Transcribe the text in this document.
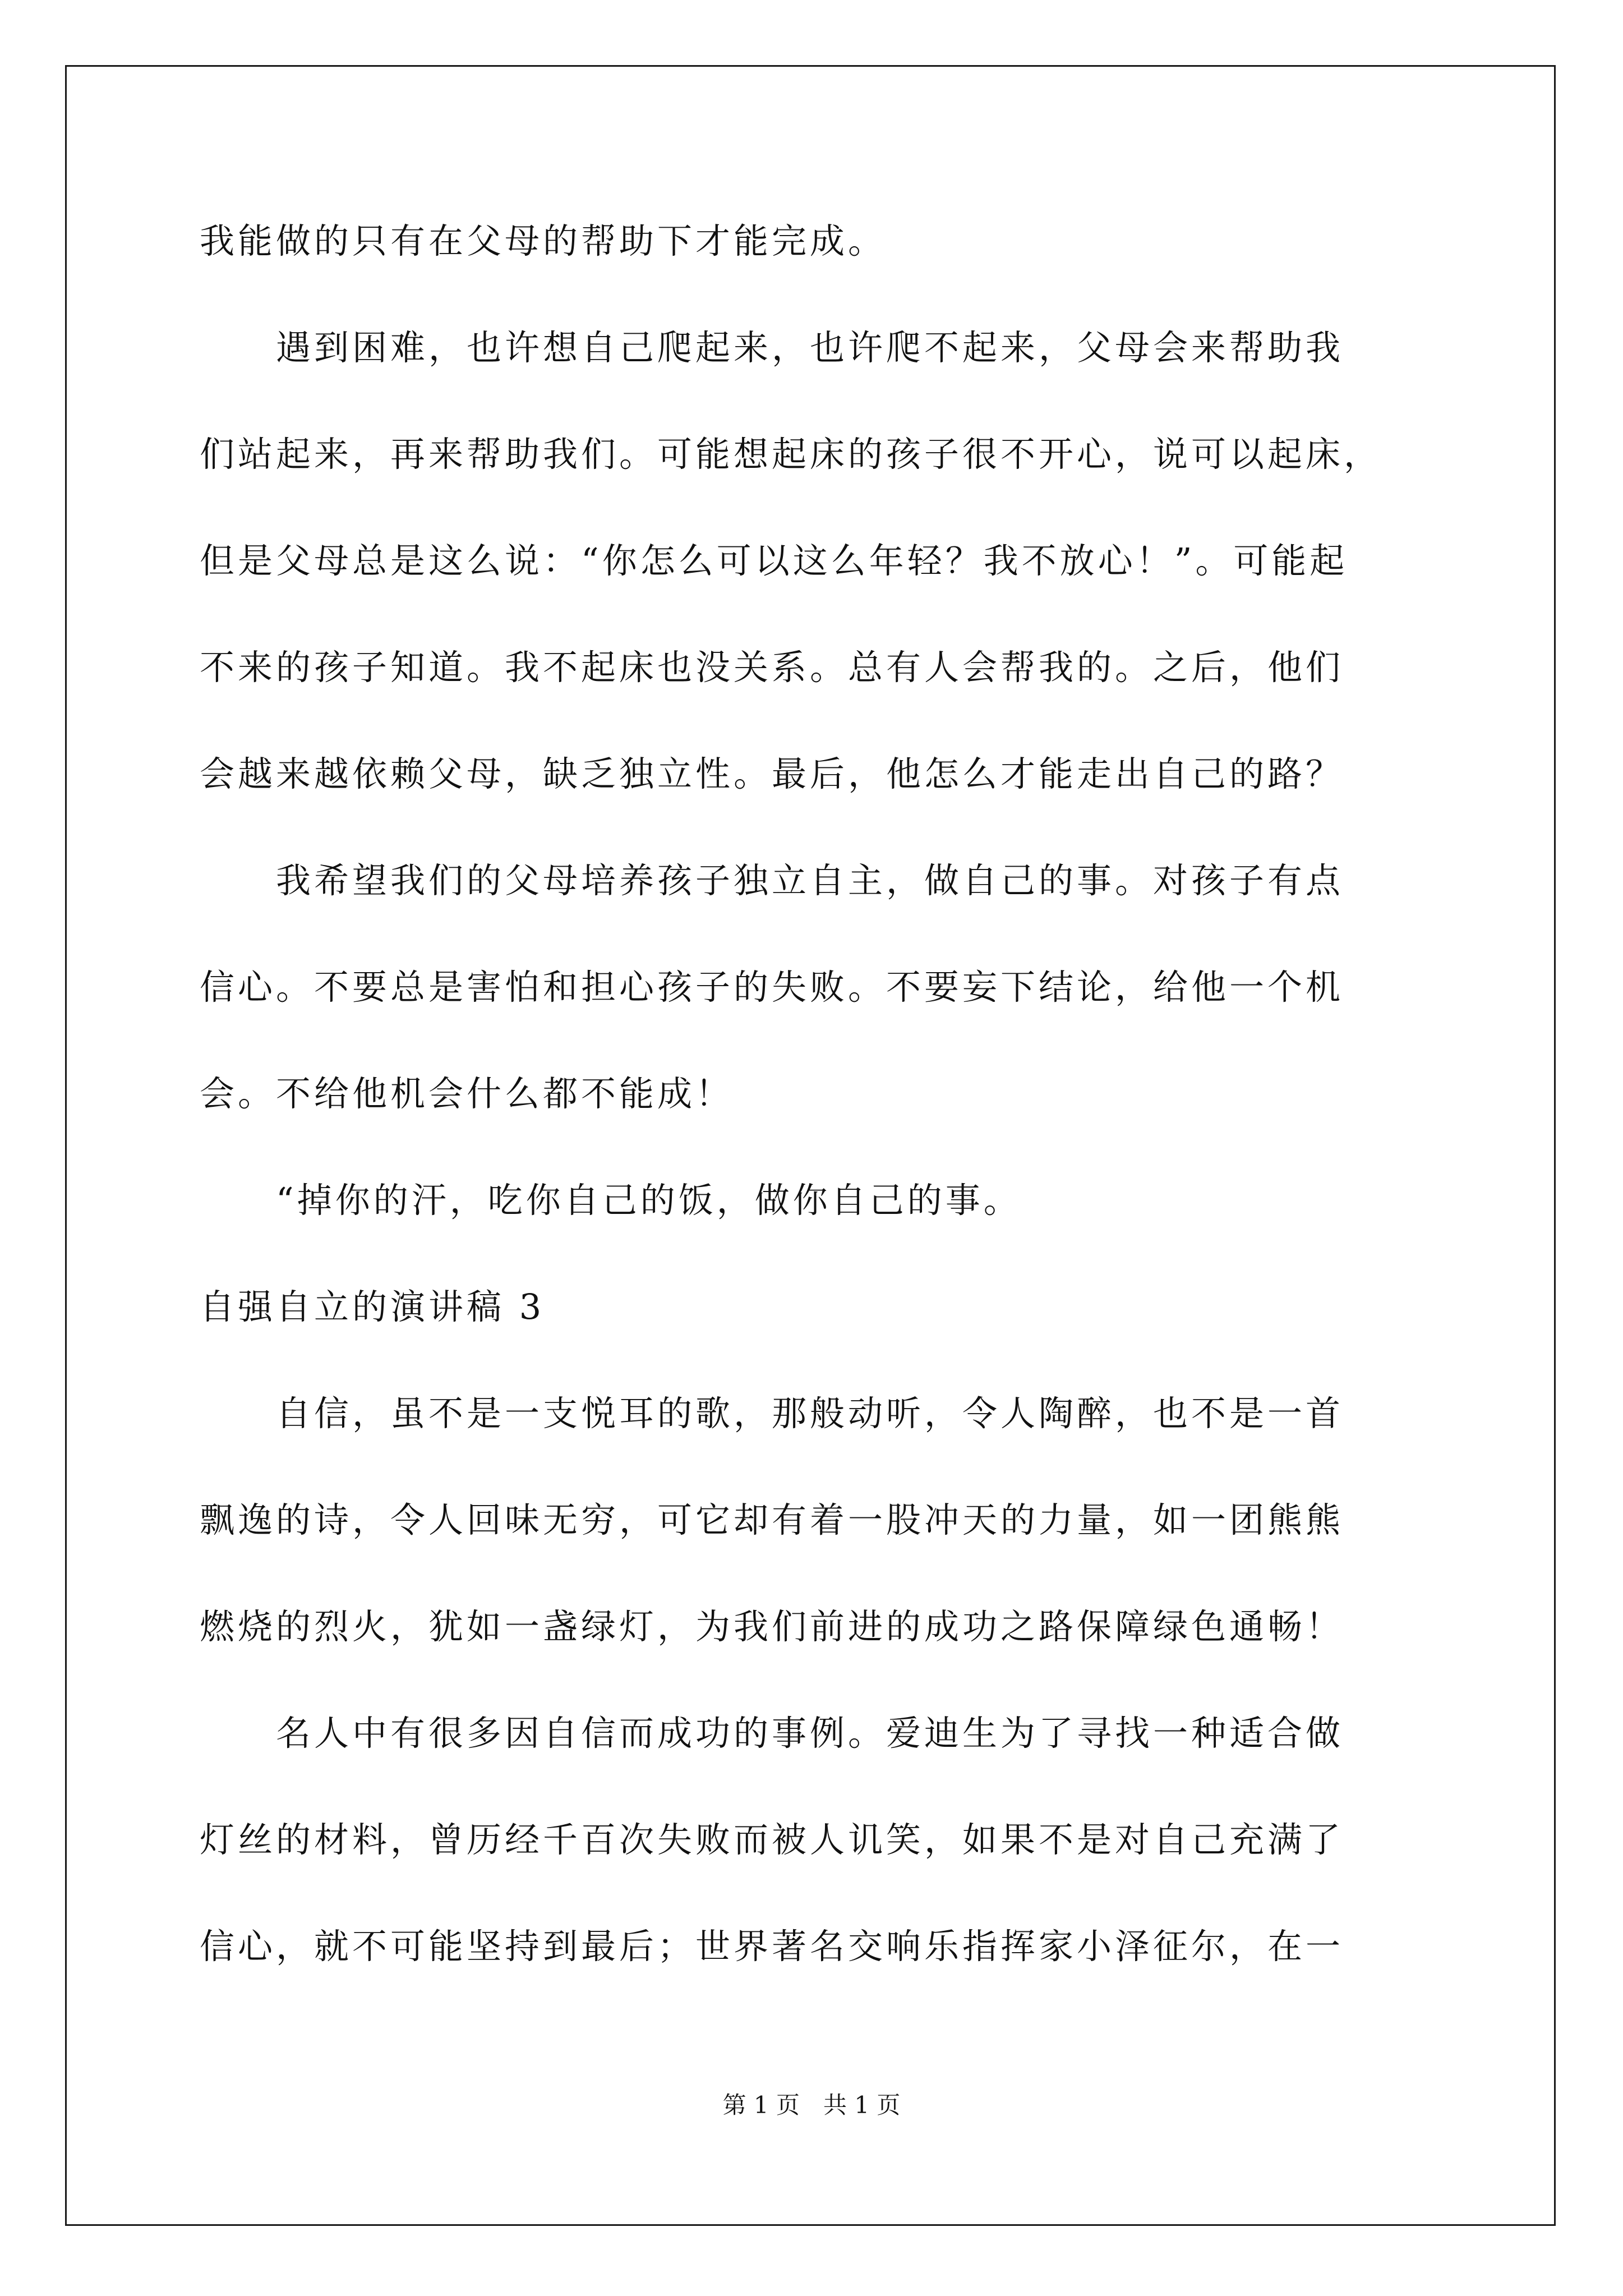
我能做的只有在父母的帮助下才能完成。
　　遇到困难，也许想自己爬起来，也许爬不起来，父母会来帮助我
们站起来，再来帮助我们。可能想起床的孩子很不开心，说可以起床，
但是父母总是这么说：“你怎么可以这么年轻？我不放心！”。可能起
不来的孩子知道。我不起床也没关系。总有人会帮我的。之后，他们
会越来越依赖父母，缺乏独立性。最后，他怎么才能走出自己的路？
　　我希望我们的父母培养孩子独立自主，做自己的事。对孩子有点
信心。不要总是害怕和担心孩子的失败。不要妄下结论，给他一个机
会。不给他机会什么都不能成！
　　“掉你的汗，吃你自己的饭，做你自己的事。
自强自立的演讲稿 3
　　自信，虽不是一支悦耳的歌，那般动听，令人陶醉，也不是一首
飘逸的诗，令人回味无穷，可它却有着一股冲天的力量，如一团熊熊
燃烧的烈火，犹如一盏绿灯，为我们前进的成功之路保障绿色通畅！
　　名人中有很多因自信而成功的事例。爱迪生为了寻找一种适合做
灯丝的材料，曾历经千百次失败而被人讥笑，如果不是对自己充满了
信心，就不可能坚持到最后；世界著名交响乐指挥家小泽征尔，在一
第 1 页　共 1 页
